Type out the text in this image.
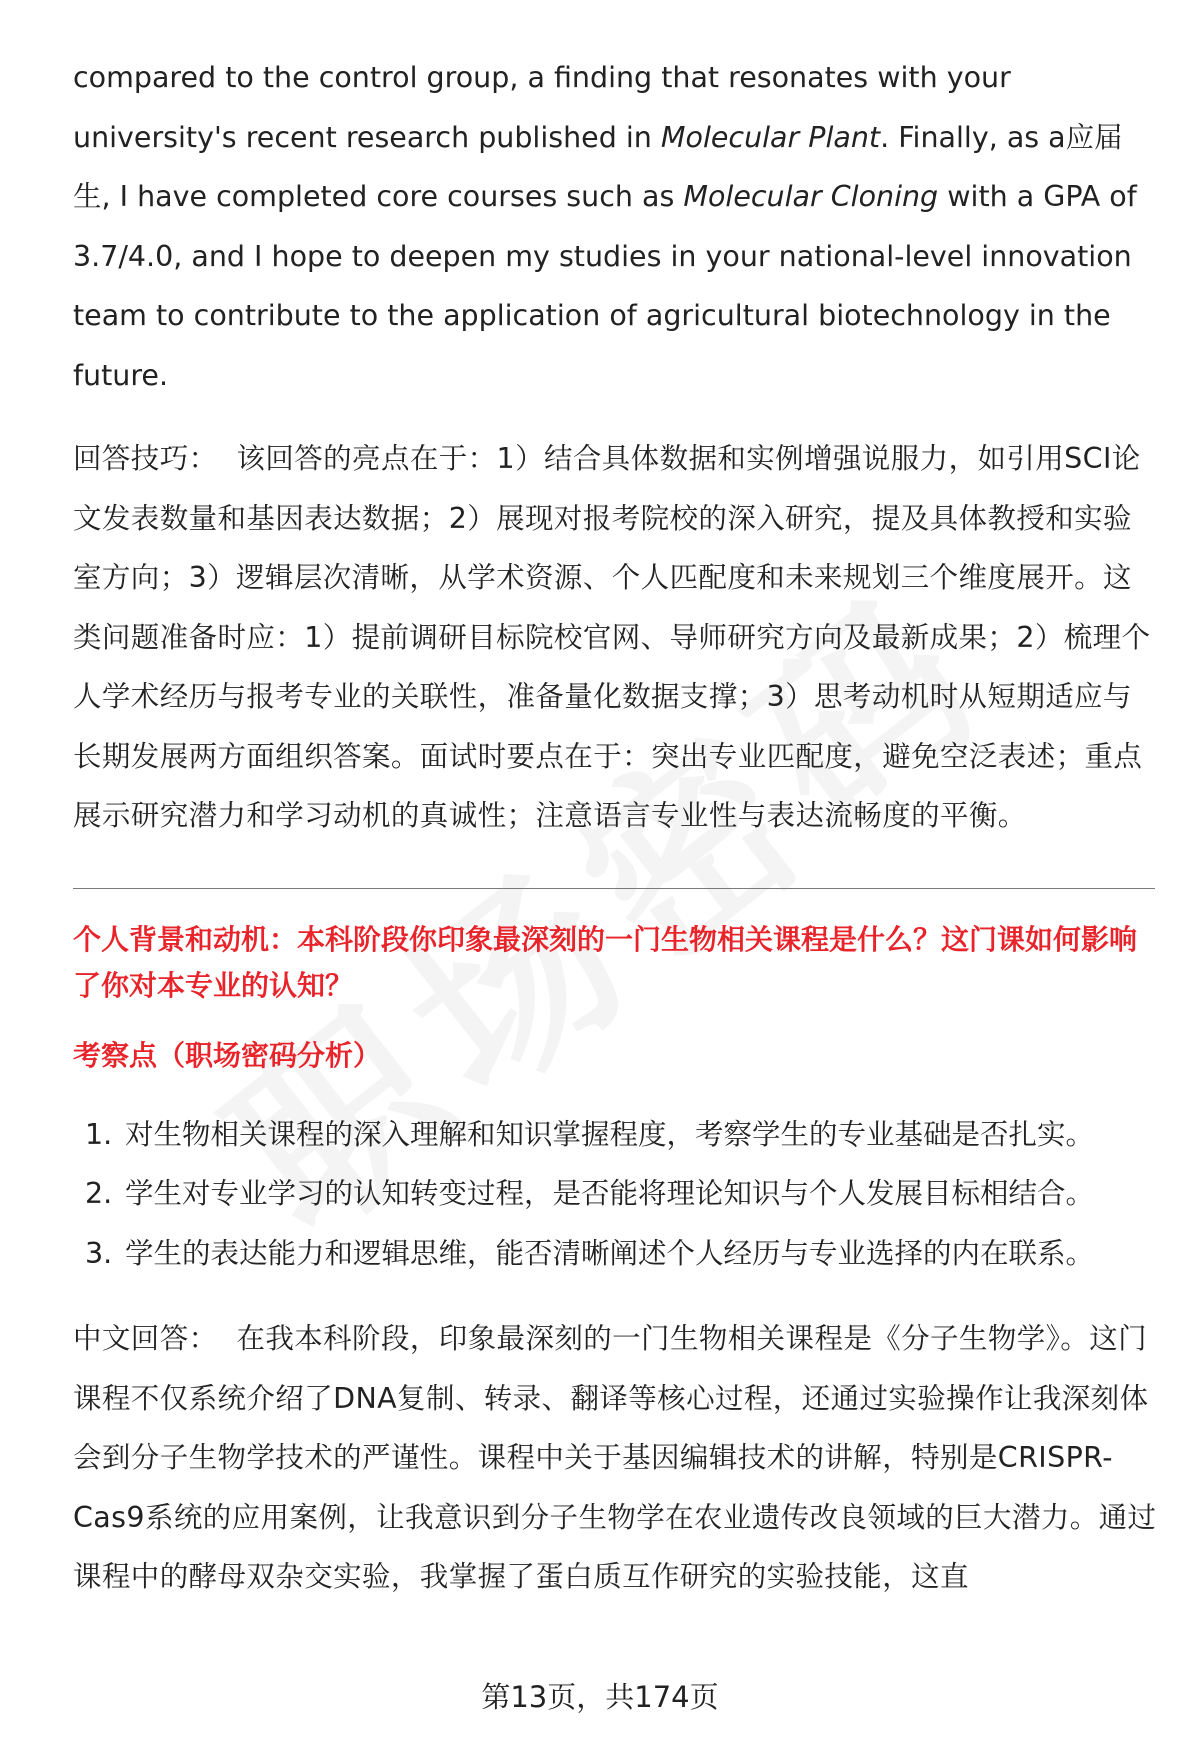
compared to the control group, a finding that resonates with your university's recent research published in Molecular Plant. Finally, as a应届生, I have completed core courses such as Molecular Cloning with a GPA of 3.7/4.0, and I hope to deepen my studies in your national-level innovation team to contribute to the application of agricultural biotechnology in the future.

回答技巧： 该回答的亮点在于：1）结合具体数据和实例增强说服力，如引用SCI论文发表数量和基因表达数据；2）展现对报考院校的深入研究，提及具体教授和实验室方向；3）逻辑层次清晰，从学术资源、个人匹配度和未来规划三个维度展开。这类问题准备时应：1）提前调研目标院校官网、导师研究方向及最新成果；2）梳理个人学术经历与报考专业的关联性，准备量化数据支撑；3）思考动机时从短期适应与长期发展两方面组织答案。面试时要点在于：突出专业匹配度，避免空泛表述；重点展示研究潜力和学习动机的真诚性；注意语言专业性与表达流畅度的平衡。

个人背景和动机：本科阶段你印象最深刻的一门生物相关课程是什么？这门课如何影响了你对本专业的认知？

考察点（职场密码分析）

1. 对生物相关课程的深入理解和知识掌握程度，考察学生的专业基础是否扎实。
2. 学生对专业学习的认知转变过程，是否能将理论知识与个人发展目标相结合。
3. 学生的表达能力和逻辑思维，能否清晰阐述个人经历与专业选择的内在联系。

中文回答： 在我本科阶段，印象最深刻的一门生物相关课程是《分子生物学》。这门课程不仅系统介绍了DNA复制、转录、翻译等核心过程，还通过实验操作让我深刻体会到分子生物学技术的严谨性。课程中关于基因编辑技术的讲解，特别是CRISPR-Cas9系统的应用案例，让我意识到分子生物学在农业遗传改良领域的巨大潜力。通过课程中的酵母双杂交实验，我掌握了蛋白质互作研究的实验技能，这直

第13页，共174页
